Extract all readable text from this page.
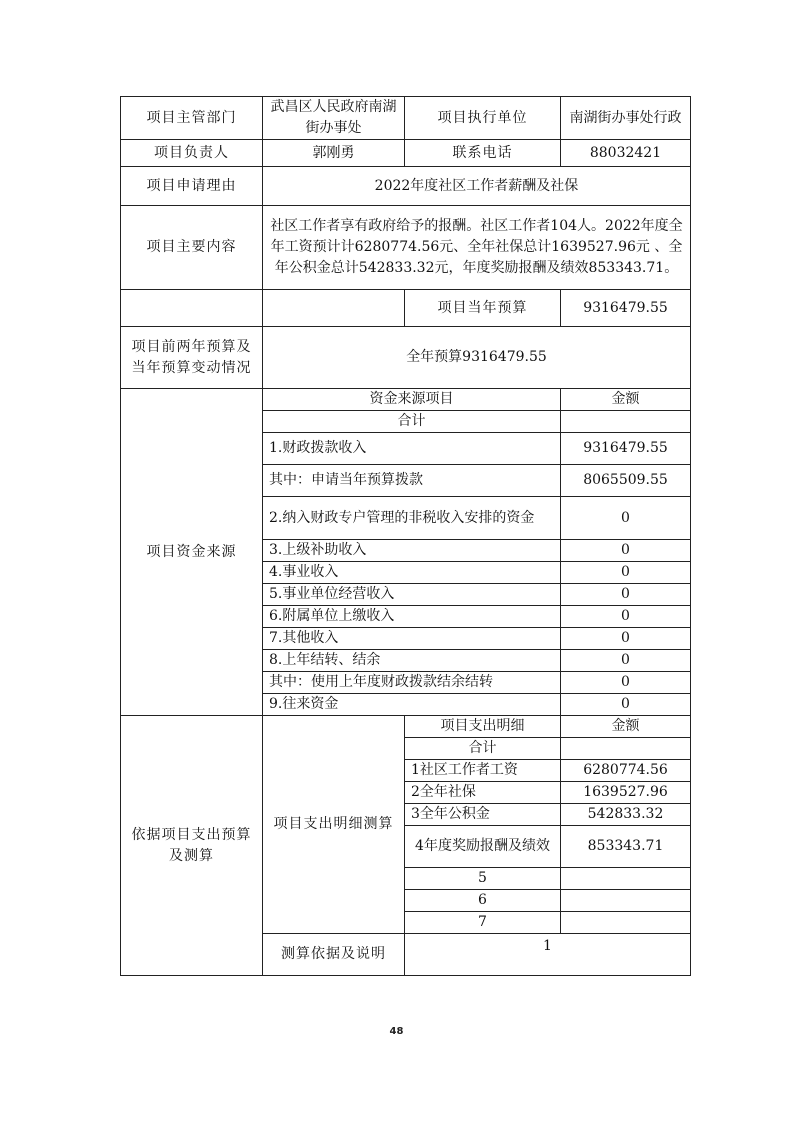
项目主管部门	武昌区人民政府南湖街办事处	项目执行单位	南湖街办事处行政
项目负责人	郭刚勇	联系电话	88032421
项目申请理由	2022年度社区工作者薪酬及社保		
项目主要内容	社区工作者享有政府给予的报酬。社区工作者104人。2022年度全年工资预计计6280774.56元、全年社保总计1639527.96元 、全年公积金总计542833.32元，年度奖励报酬及绩效853343.71。		
		项目当年预算	9316479.55
项目前两年预算及当年预算变动情况	全年预算9316479.55		
项目资金来源	资金来源项目		金额
	合计		
	1.财政拨款收入		9316479.55
	其中：申请当年预算拨款		8065509.55
	2.纳入财政专户管理的非税收入安排的资金		0
	3.上级补助收入		0
	4.事业收入		0
	5.事业单位经营收入		0
	6.附属单位上缴收入		0
	7.其他收入		0
	8.上年结转、结余		0
	其中：使用上年度财政拨款结余结转		0
	9.往来资金		0
依据项目支出预算及测算	项目支出明细测算	项目支出明细	金额
		合计	
		1社区工作者工资	6280774.56
		2全年社保	1639527.96
		3全年公积金	542833.32
		4年度奖励报酬及绩效	853343.71
		5	
		6	
		7	
	测算依据及说明	1	
48
